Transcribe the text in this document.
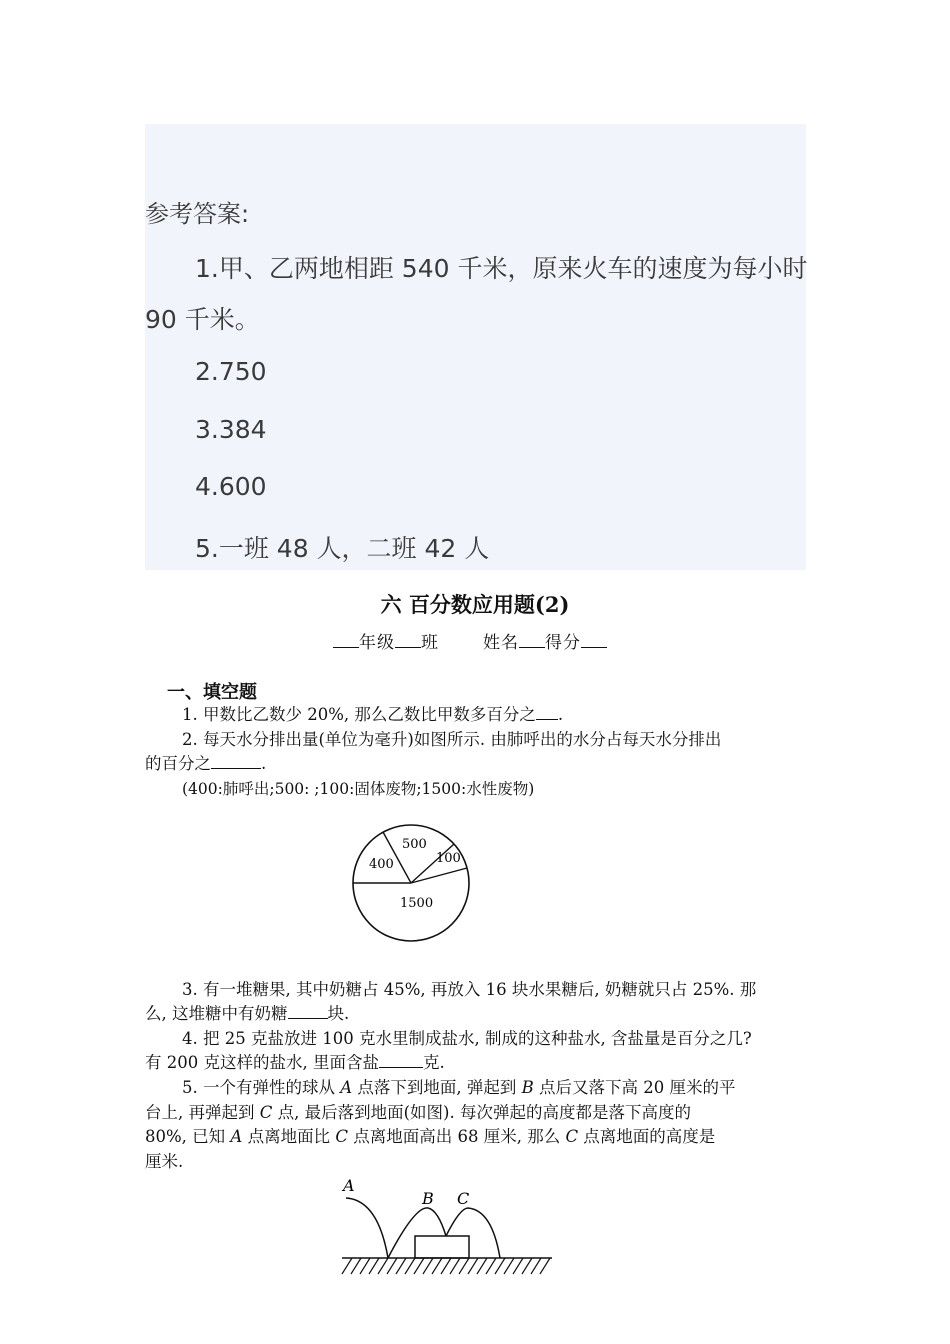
参考答案:
1.甲、乙两地相距 540 千米，原来火车的速度为每小时
90 千米。
2.750
3.384
4.600
5.一班 48 人，二班 42 人
六 百分数应用题(2)
年级 班	姓名 得分
一、填空题
1. 甲数比乙数少 20%, 那么乙数比甲数多百分之 .
2. 每天水分排出量(单位为毫升)如图所示. 由肺呼出的水分占每天水分排出
的百分之	.
(400:肺呼出;500: ;100:固体废物;1500:水性废物)
500
400	100
1500
3. 有一堆糖果, 其中奶糖占 45%, 再放入 16 块水果糖后, 奶糖就只占 25%. 那
么, 这堆糖中有奶糖 块.
4. 把 25 克盐放进 100 克水里制成盐水, 制成的这种盐水, 含盐量是百分之几?
有 200 克这样的盐水, 里面含盐	克.
5. 一个有弹性的球从 A 点落下到地面, 弹起到 B 点后又落下高 20 厘米的平
台上, 再弹起到 C 点, 最后落到地面(如图). 每次弹起的高度都是落下高度的
80%, 已知 A 点离地面比 C 点离地面高出 68 厘米, 那么 C 点离地面的高度是
厘米.
A
B C
